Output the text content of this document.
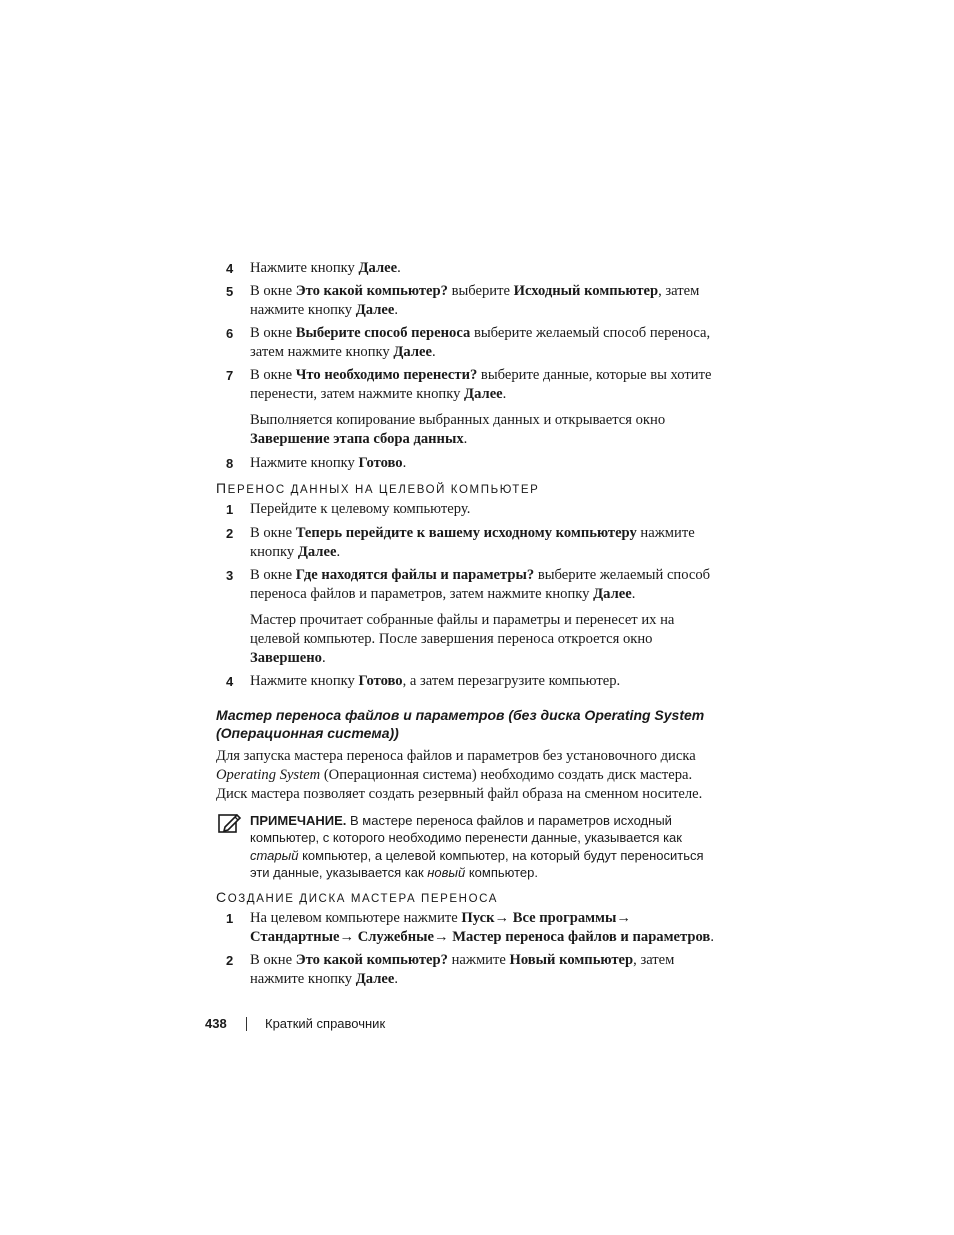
4 Нажмите кнопку Далее.

5 В окне Это какой компьютер? выберите Исходный компьютер, затем нажмите кнопку Далее.

6 В окне Выберите способ переноса выберите желаемый способ переноса, затем нажмите кнопку Далее.

7 В окне Что необходимо перенести? выберите данные, которые вы хотите перенести, затем нажмите кнопку Далее.

Выполняется копирование выбранных данных и открывается окно Завершение этапа сбора данных.

8 Нажмите кнопку Готово.

ПЕРЕНОС ДАННЫХ НА ЦЕЛЕВОЙ КОМПЬЮТЕР
1 Перейдите к целевому компьютеру.

2 В окне Теперь перейдите к вашему исходному компьютеру нажмите кнопку Далее.

3 В окне Где находятся файлы и параметры? выберите желаемый способ переноса файлов и параметров, затем нажмите кнопку Далее.

Мастер прочитает собранные файлы и параметры и перенесет их на целевой компьютер. После завершения переноса откроется окно Завершено.

4 Нажмите кнопку Готово, а затем перезагрузите компьютер.

Мастер переноса файлов и параметров (без диска Operating System (Операционная система))
Для запуска мастера переноса файлов и параметров без установочного диска Operating System (Операционная система) необходимо создать диск мастера. Диск мастера позволяет создать резервный файл образа на сменном носителе.
ПРИМЕЧАНИЕ. В мастере переноса файлов и параметров исходный компьютер, с которого необходимо перенести данные, указывается как старый компьютер, а целевой компьютер, на который будут переноситься эти данные, указывается как новый компьютер.
СОЗДАНИЕ ДИСКА МАСТЕРА ПЕРЕНОСА
1 На целевом компьютере нажмите Пуск→ Все программы→ Стандартные→ Служебные→ Мастер переноса файлов и параметров.

2 В окне Это какой компьютер? нажмите Новый компьютер, затем нажмите кнопку Далее.

438	Краткий справочник
